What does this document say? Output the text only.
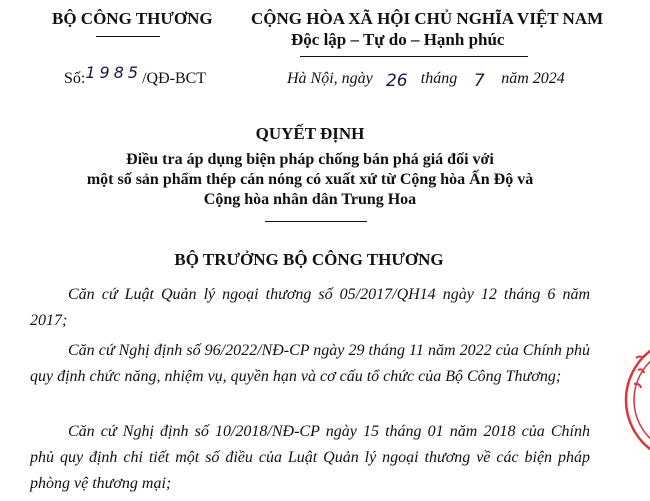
BỘ CÔNG THƯƠNG CỘNG HÒA XÃ HỘI CHỦ NGHĨA VIỆT NAM
Độc lập – Tự do – Hạnh phúc
Số:1985/QĐ-BCT	Hà Nội, ngày 26 tháng 7 năm 2024
QUYẾT ĐỊNH
Điều tra áp dụng biện pháp chống bán phá giá đối với
một số sản phẩm thép cán nóng có xuất xứ từ Cộng hòa Ấn Độ và
Cộng hòa nhân dân Trung Hoa
BỘ TRƯỞNG BỘ CÔNG THƯƠNG
Căn cứ Luật Quản lý ngoại thương số 05/2017/QH14 ngày 12 tháng 6 năm 2017;
Căn cứ Nghị định số 96/2022/NĐ-CP ngày 29 tháng 11 năm 2022 của Chính phủ quy định chức năng, nhiệm vụ, quyền hạn và cơ cấu tổ chức của Bộ Công Thương;
Căn cứ Nghị định số 10/2018/NĐ-CP ngày 15 tháng 01 năm 2018 của Chính phủ quy định chi tiết một số điều của Luật Quản lý ngoại thương về các biện pháp phòng vệ thương mại;
